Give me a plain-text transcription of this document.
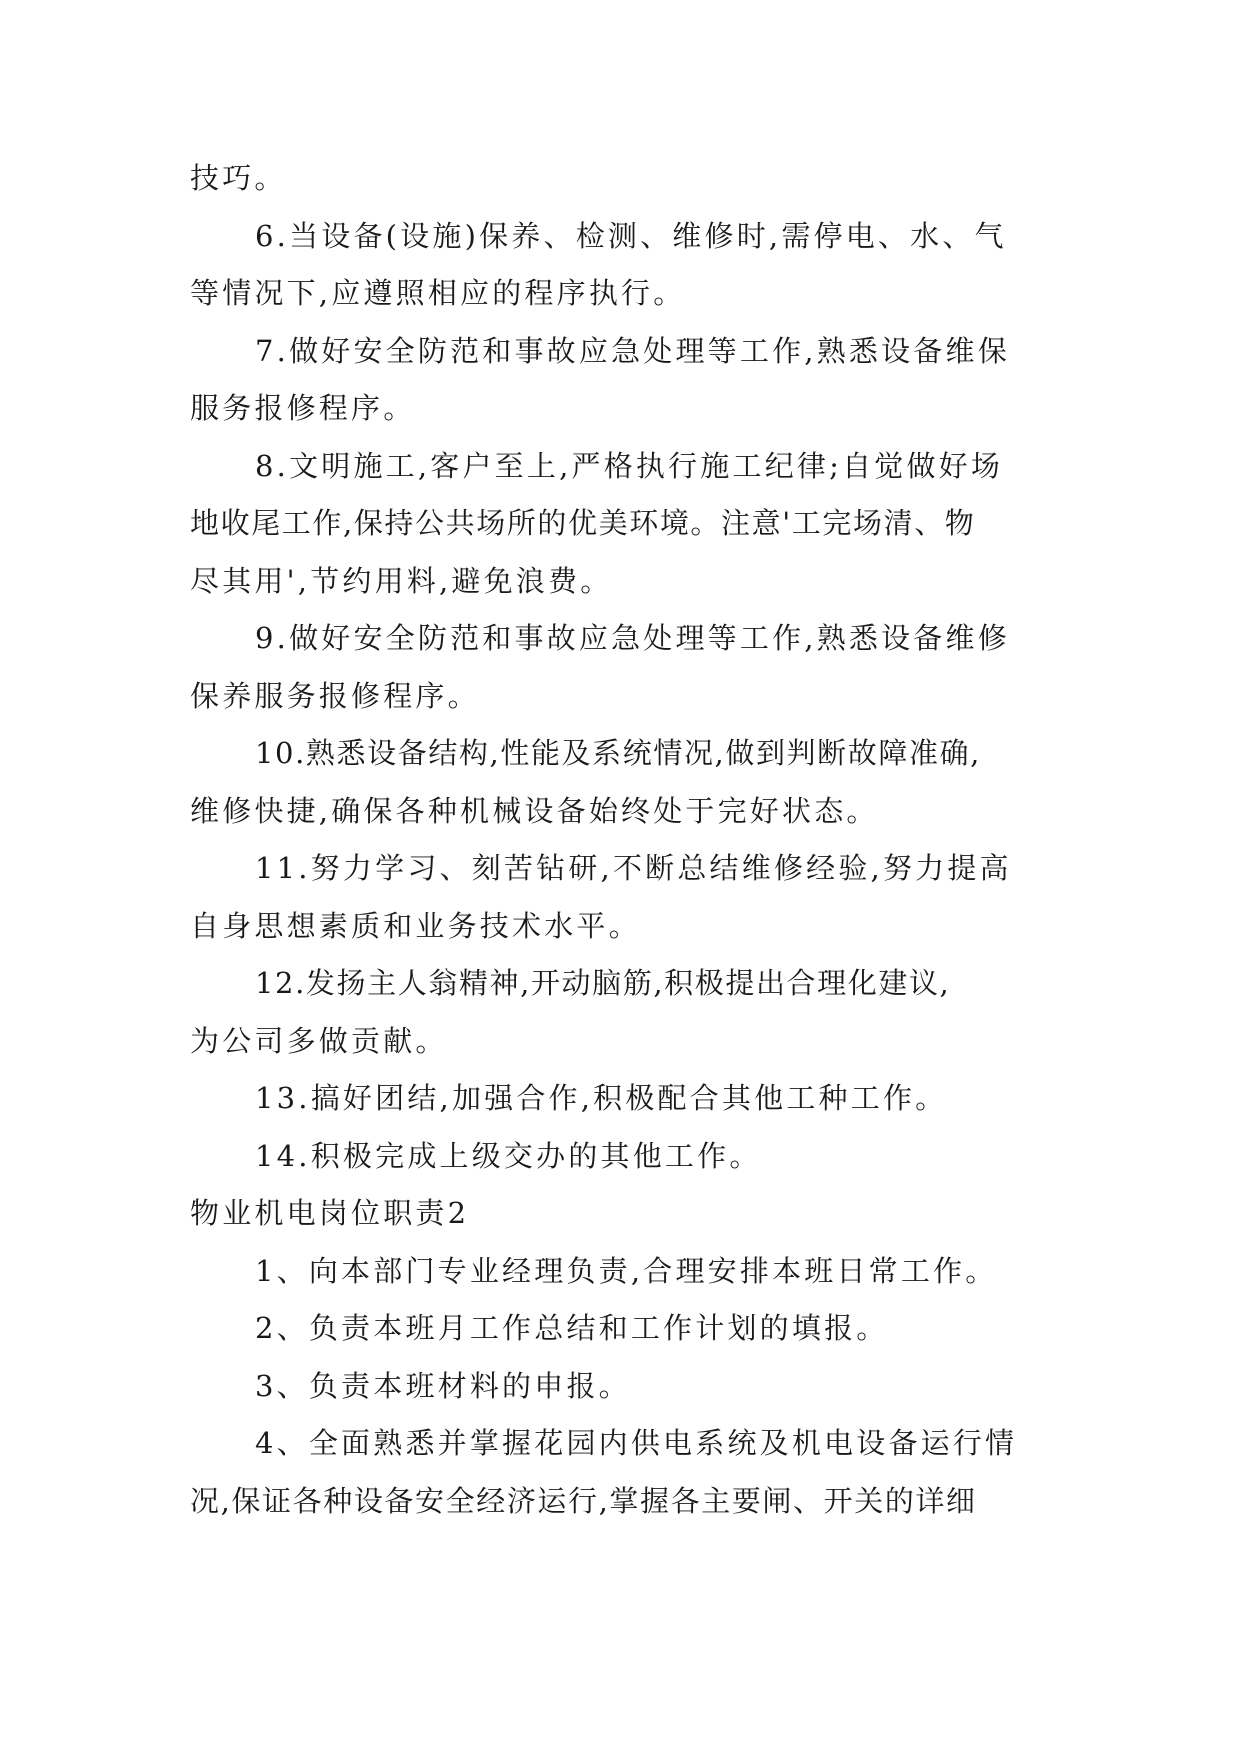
技巧。
6.当设备(设施)保养、检测、维修时,需停电、水、气
等情况下,应遵照相应的程序执行。
7.做好安全防范和事故应急处理等工作,熟悉设备维保
服务报修程序。
8.文明施工,客户至上,严格执行施工纪律;自觉做好场
地收尾工作,保持公共场所的优美环境。注意'工完场清、物
尽其用',节约用料,避免浪费。
9.做好安全防范和事故应急处理等工作,熟悉设备维修
保养服务报修程序。
10.熟悉设备结构,性能及系统情况,做到判断故障准确,
维修快捷,确保各种机械设备始终处于完好状态。
11.努力学习、刻苦钻研,不断总结维修经验,努力提高
自身思想素质和业务技术水平。
12.发扬主人翁精神,开动脑筋,积极提出合理化建议,
为公司多做贡献。
13.搞好团结,加强合作,积极配合其他工种工作。
14.积极完成上级交办的其他工作。
物业机电岗位职责2
1、向本部门专业经理负责,合理安排本班日常工作。
2、负责本班月工作总结和工作计划的填报。
3、负责本班材料的申报。
4、全面熟悉并掌握花园内供电系统及机电设备运行情
况,保证各种设备安全经济运行,掌握各主要闸、开关的详细
